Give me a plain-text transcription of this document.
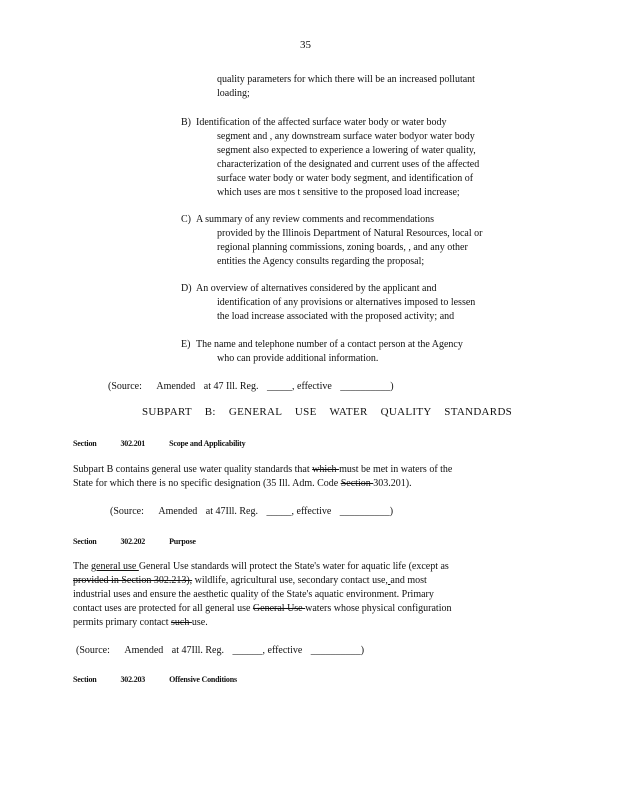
35
quality parameters for which there will be an increased pollutant
loading;
B) Identification of the affected surface water body or water body
segment and , any downstream surface water bodyor water body
segment also expected to experience a lowering of water quality,
characterization of the designated and current uses of the affected
surface water body or water body segment, and identification of
which uses are mos t sensitive to the proposed load increase;
C) A summary of any review comments and recommendations
provided by the Illinois Department of Natural Resources, local or
regional planning commissions, zoning boards, , and any other
entities the Agency consults regarding the proposal;
D) An overview of alternatives considered by the applicant and
identification of any provisions or alternatives imposed to lessen
the load increase associated with the proposed activity; and
E) The name and telephone number of a contact person at the Agency
who can provide additional information.
(Source: Amended at 47 Ill. Reg. _____, effective __________)
SUBPART B: GENERAL USE WATER QUALITY STANDARDS
Section	302.201	Scope and Applicability
Subpart B contains general use water quality standards that which must be met in waters of the
State for which there is no specific designation (35 Ill. Adm. Code Section 303.201).
(Source: Amended at 47Ill. Reg. _____, effective __________)
Section	302.202	Purpose
The general use General Use standards will protect the State's water for aquatic life (except as
provided in Section 302.213), wildlife, agricultural use, secondary contact use, and most
industrial uses and ensure the aesthetic quality of the State's aquatic environment. Primary
contact uses are protected for all general use General Use waters whose physical configuration
permits primary contact such use.
(Source: Amended at 47Ill. Reg. ______, effective __________)
Section	302.203	Offensive Conditions
